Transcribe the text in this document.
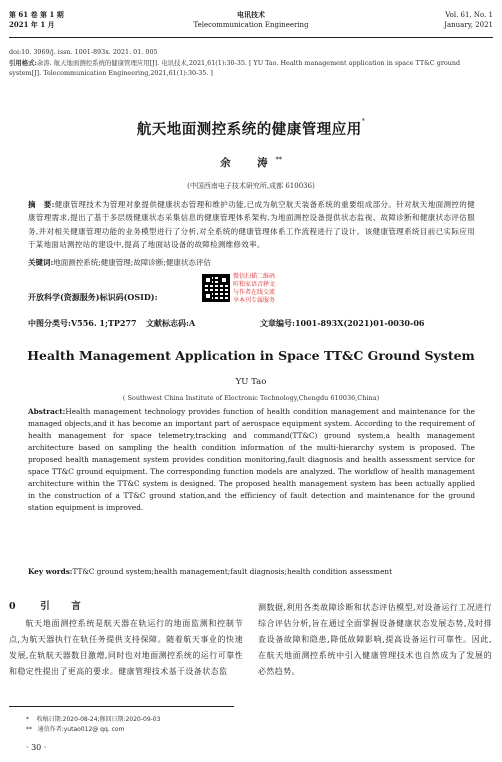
第 61 卷 第 1 期
2021 年 1 月
电讯技术
Telecommunication Engineering
Vol. 61, No. 1
January, 2021
doi:10. 3969/j. issn. 1001-893x. 2021. 01. 005
引用格式:余涛. 航天地面测控系统的健康管理应用[J]. 电讯技术,2021,61(1):30-35. [ YU Tao. Health management application in space TT&C ground system[J]. Telecommunication Engineering,2021,61(1):30-35. ]
航天地面测控系统的健康管理应用*
余　涛**
(中国西南电子技术研究所,成都 610036)
摘　要:健康管理技术为管理对象提供健康状态管理和维护功能,已成为航空航天装备系统的重要组成部分。针对航天地面测控的健康管理需求,提出了基于多层级健康状态采集信息的健康管理体系架构,为地面测控设备提供状态监视、故障诊断和健康状态评估服务,并对相关健康管理功能的业务模型进行了分析,对全系统的健康管理体系工作流程进行了设计。该健康管理系统目前已实际应用于某地面站测控站的建设中,提高了地面站设备的故障检测维修效率。
关键词:地面测控系统;健康管理;故障诊断;健康状态评估
开放科学(资源服务)标识码(OSID):
微信扫描二维码
听独家语音释文
与作者在线交流
享本刊专属服务
中图分类号:V556. 1;TP277 文献标志码:A	文章编号:1001-893X(2021)01-0030-06
Health Management Application in Space TT&C Ground System
YU Tao
( Southwest China Institute of Electronic Technology,Chengdu 610036,China)
Abstract:Health management technology provides function of health condition management and maintenance for the managed objects,and it has become an important part of aerospace equipment system. According to the requirement of health management for space telemetry,tracking and command(TT&C) ground system,a health management architecture based on sampling the health condition information of the multi-hierarchy system is proposed. The proposed health management system provides condition monitoring,fault diagnosis and health assessment service for space TT&C ground equipment. The corresponding function models are analyzed. The workflow of health management architecture within the TT&C system is designed. The proposed health management system has been actually applied in the construction of a TT&C ground station,and the efficiency of fault detection and maintenance for the ground station equipment is improved.
Key words:TT&C ground system;health management;fault diagnosis;health condition assessment
0 引　言
航天地面测控系统是航天器在轨运行的地面监测和控制节点,为航天器执行在轨任务提供支持保障。随着航天事业的快速发展,在轨航天器数目激增,同时也对地面测控系统的运行可靠性和稳定性提出了更高的要求。健康管理技术基于设备状态监
测数据,利用各类故障诊断和状态评估模型,对设备运行工况进行综合评估分析,旨在通过全面掌握设备健康状态发展态势,及时排查设备故障和隐患,降低故障影响,提高设备运行可靠性。因此,在航天地面测控系统中引入健康管理技术也自然成为了发展的必然趋势。
* 收稿日期:2020-08-24;修回日期:2020-09-03
** 通信作者:yutao012@ qq. com
· 30 ·
